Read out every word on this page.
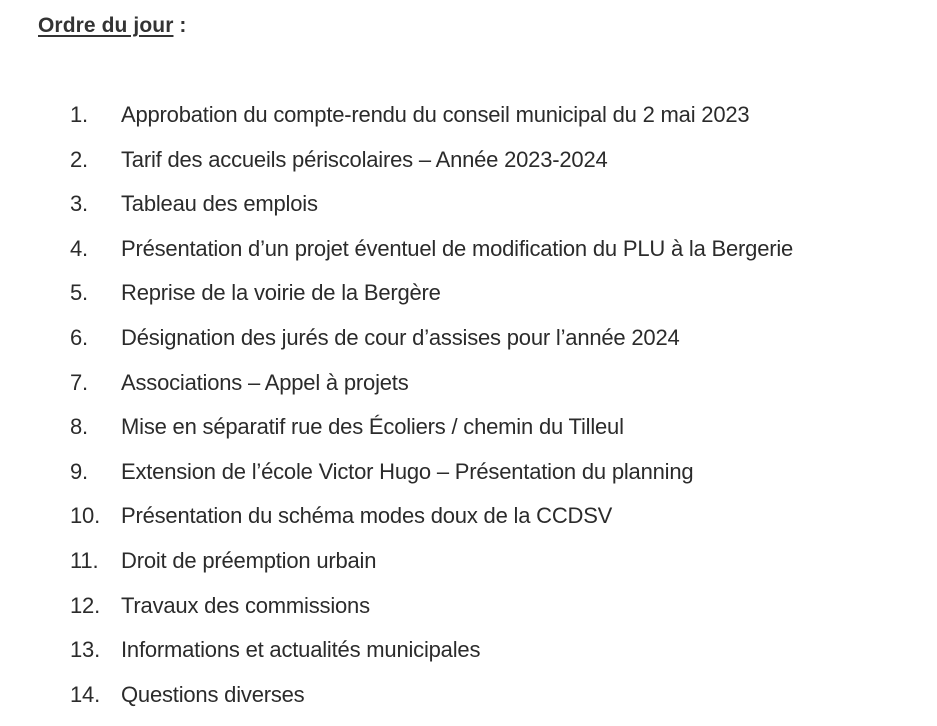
Ordre du jour :
1.	Approbation du compte-rendu du conseil municipal du 2 mai 2023
2.	Tarif des accueils périscolaires – Année 2023-2024
3.	Tableau des emplois
4.	Présentation d’un projet éventuel de modification du PLU à la Bergerie
5.	Reprise de la voirie de la Bergère
6.	Désignation des jurés de cour d’assises pour l’année 2024
7.	Associations – Appel à projets
8.	Mise en séparatif rue des Écoliers / chemin du Tilleul
9.	Extension de l’école Victor Hugo – Présentation du planning
10. Présentation du schéma modes doux de la CCDSV
11.	Droit de préemption urbain
12. Travaux des commissions
13. Informations et actualités municipales
14. Questions diverses
